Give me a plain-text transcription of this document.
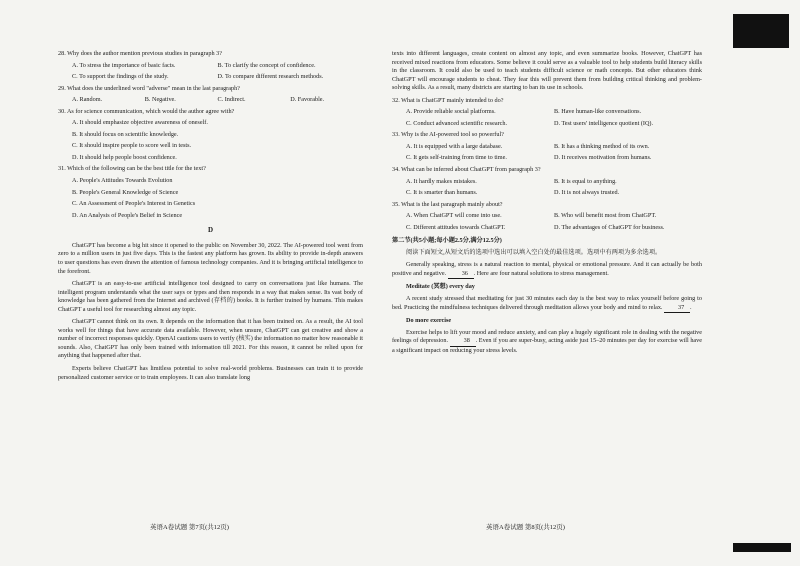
28. Why does the author mention previous studies in paragraph 3?
A. To stress the importance of basic facts.	B. To clarify the concept of confidence.
C. To support the findings of the study.	D. To compare different research methods.
29. What does the underlined word "adverse" mean in the last paragraph?
A. Random.	B. Negative.	C. Indirect.	D. Favorable.
30. As for science communication, which would the author agree with?
A. It should emphasize objective awareness of oneself.
B. It should focus on scientific knowledge.
C. It should inspire people to score well in tests.
D. It should help people boost confidence.
31. Which of the following can be the best title for the text?
A. People's Attitudes Towards Evolution
B. People's General Knowledge of Science
C. An Assessment of People's Interest in Genetics
D. An Analysis of People's Belief in Science
D

ChatGPT has become a big hit since it opened to the public on November 30, 2022. The AI-powered tool went from zero to a million users in just five days. This is the fastest any platform has grown. Its ability to provide in-depth answers to user questions has even drawn the attention of famous technology companies. And it is bringing artificial intelligence to the forefront.

ChatGPT is an easy-to-use artificial intelligence tool designed to carry on conversations just like humans. The intelligent program understands what the user says or types and then responds in a way that makes sense. Its vast body of knowledge has been gathered from the Internet and archived (存档的) books. It is further trained by humans. This makes ChatGPT a useful tool for researching almost any topic.

ChatGPT cannot think on its own. It depends on the information that it has been trained on. As a result, the AI tool works well for things that have accurate data available. However, when unsure, ChatGPT can get creative and show a number of incorrect responses quickly. OpenAI cautions users to verify (核实) the information no matter how reasonable it sounds. Also, ChatGPT has only been trained with information till 2021. For this reason, it cannot be relied upon for anything that happened after that.

Experts believe ChatGPT has limitless potential to solve real-world problems. Businesses can train it to provide personalized customer service or to train employees. It can also translate long

英语A卷试题 第7页(共12页)

texts into different languages, create content on almost any topic, and even summarize books. However, ChatGPT has received mixed reactions from educators. Some believe it could serve as a valuable tool to help students build literacy skills in the classroom. It could also be used to teach students difficult science or math concepts. But other educators think ChatGPT will encourage students to cheat. They fear this will prevent them from building critical thinking and problem-solving skills. As a result, many districts are starting to ban its use in schools.

32. What is ChatGPT mainly intended to do?
A. Provide reliable social platforms.	B. Have human-like conversations.
C. Conduct advanced scientific research.	D. Test users' intelligence quotient (IQ).
33. Why is the AI-powered tool so powerful?
A. It is equipped with a large database.	B. It has a thinking method of its own.
C. It gets self-training from time to time.	D. It receives motivation from humans.
34. What can be inferred about ChatGPT from paragraph 3?
A. It hardly makes mistakes.	B. It is equal to anything.
C. It is smarter than humans.	D. It is not always trusted.
35. What is the last paragraph mainly about?
A. When ChatGPT will come into use.	B. Who will benefit most from ChatGPT.
C. Different attitudes towards ChatGPT.	D. The advantages of ChatGPT for business.
第二节(共5小题;每小题2.5分,满分12.5分)

阅读下面短文,从短文后的选项中选出可以填入空白处的最佳选项。选项中有两项为多余选项。

Generally speaking, stress is a natural reaction to mental, physical or emotional pressure. And it can actually be both positive and negative.	36 . Here are four natural solutions to stress management.

Meditate (冥想) every day

A recent study stressed that meditating for just 30 minutes each day is the best way to relax yourself before going to bed. Practicing the mindfulness techniques delivered through meditation allows your body and mind to relax.	37 .

Do more exercise

Exercise helps to lift your mood and reduce anxiety, and can play a hugely significant role in dealing with the negative feelings of depression.	38 . Even if you are super-busy, acting aside just 15–20 minutes per day for exercise will have a significant impact on reducing your stress levels.

英语A卷试题 第8页(共12页)
